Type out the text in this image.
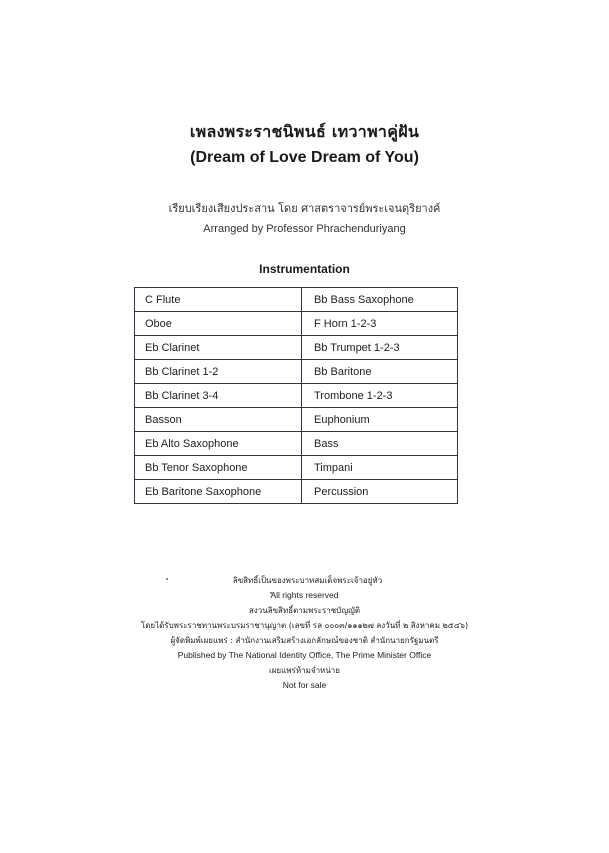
เพลงพระราชนิพนธ์ เทวาพาคู่ฝัน
(Dream of Love Dream of You)
เรียบเรียงเสียงประสาน โดย ศาสตราจารย์พระเจนดุริยางค์
Arranged by Professor Phrachenduriyang
Instrumentation
C Flute	Bb Bass Saxophone
Oboe	F Horn 1-2-3
Eb Clarinet	Bb Trumpet 1-2-3
Bb Clarinet 1-2	Bb Baritone
Bb Clarinet 3-4	Trombone 1-2-3
Basson	Euphonium
Eb Alto Saxophone	Bass
Bb Tenor Saxophone	Timpani
Eb Baritone Saxophone	Percussion
ลิขสิทธิ์เป็นของพระบาทสมเด็จพระเจ้าอยู่หัว
All rights reserved
สงวนลิขสิทธิ์ตามพระราชบัญญัติ
โดยได้รับพระราชทานพระบรมราชานุญาต (เลขที่ รล ๐๐๐๓/๑๑๑๒๗ ลงวันที่ ๒ สิงหาคม ๒๕๔๖)
ผู้จัดพิมพ์เผยแพร่ : สำนักงานเสริมสร้างเอกลักษณ์ของชาติ สำนักนายกรัฐมนตรี
Published by The National Identity Office, The Prime Minister Office
เผยแพร่ห้ามจำหน่าย
Not for sale
